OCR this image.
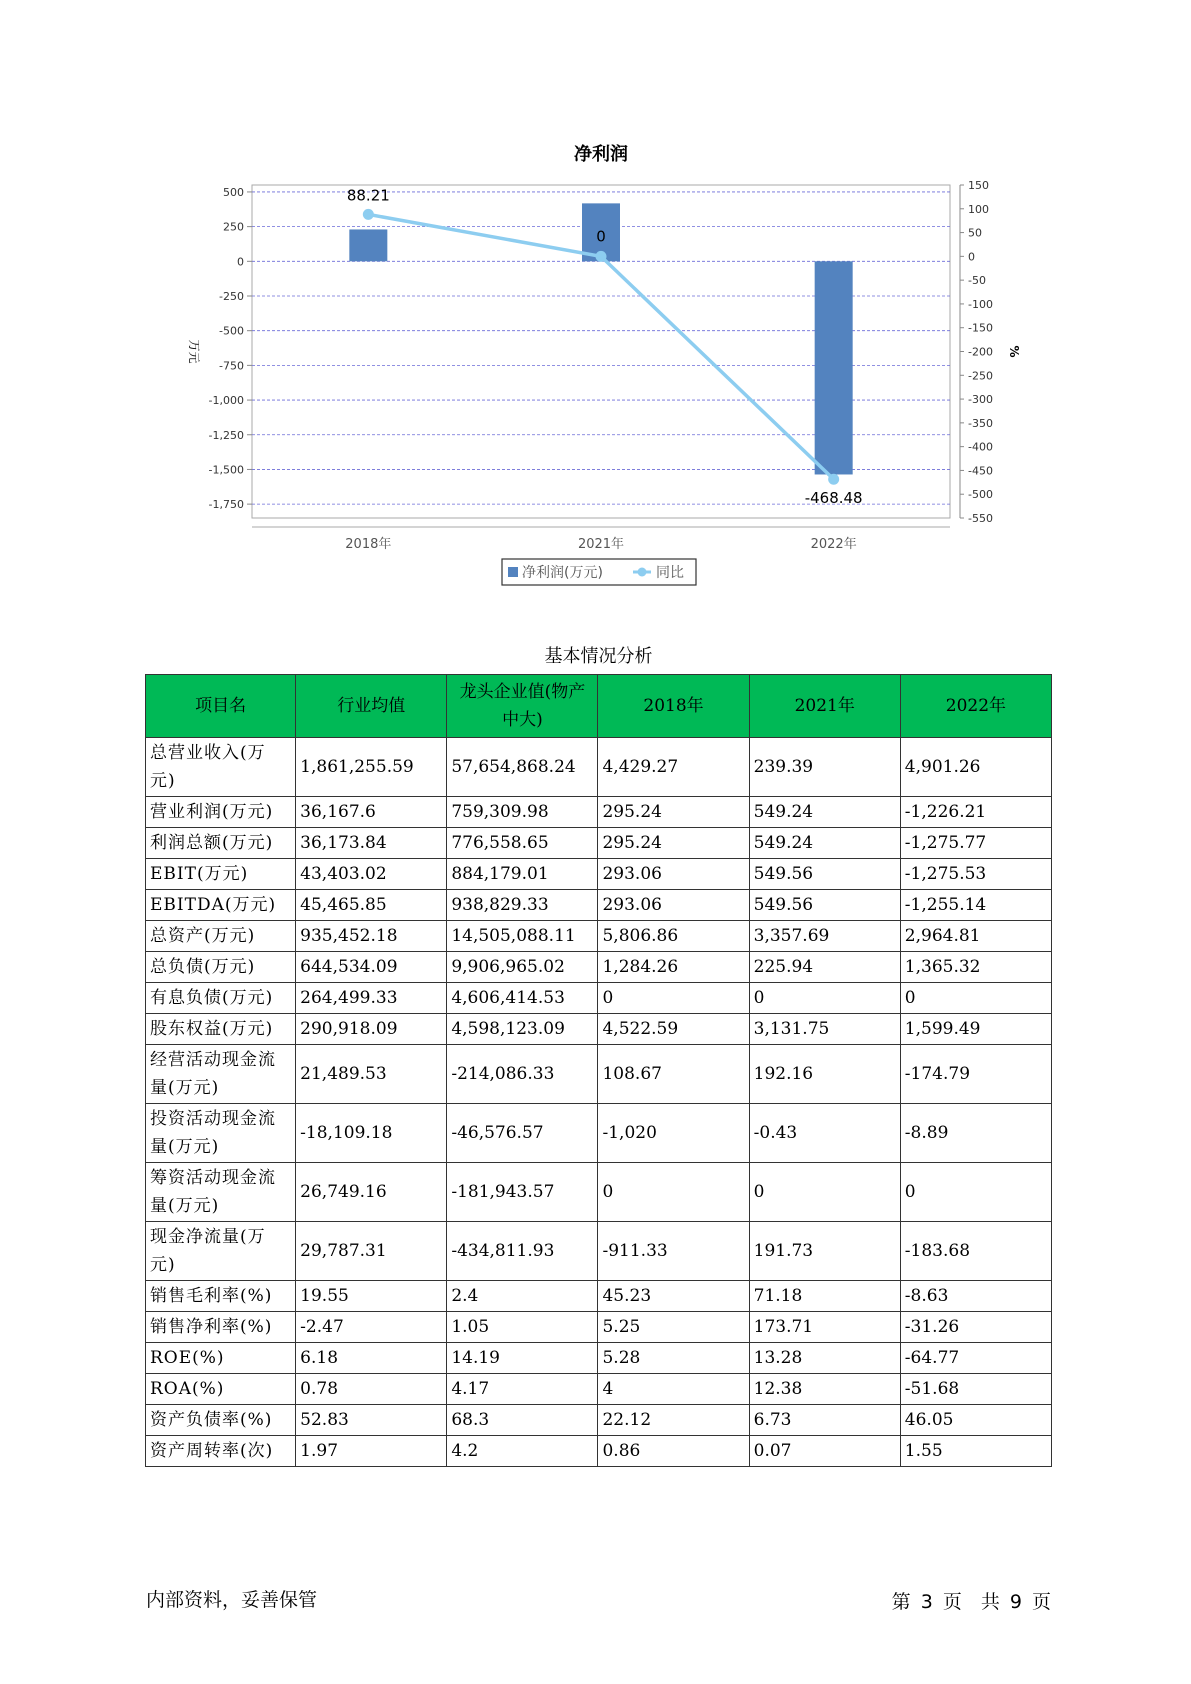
净利润
500
250
0
-250
-500
-750
-1,000
-1,250
-1,500
-1,750
150
100
50
0
-50
-100
-150
-200
-250
-300
-350
-400
-450
-500
-550
万元	%
2018年	2021年	2022年
88.21
0
-468.48
净利润(万元)	同比
基本情况分析
项目名	行业均值	龙头企业值(物产中大)	2018年	2021年	2022年
总营业收入(万元)	1,861,255.59	57,654,868.24	4,429.27	239.39	4,901.26
营业利润(万元)	36,167.6	759,309.98	295.24	549.24	-1,226.21
利润总额(万元)	36,173.84	776,558.65	295.24	549.24	-1,275.77
EBIT(万元)	43,403.02	884,179.01	293.06	549.56	-1,275.53
EBITDA(万元)	45,465.85	938,829.33	293.06	549.56	-1,255.14
总资产(万元)	935,452.18	14,505,088.11	5,806.86	3,357.69	2,964.81
总负债(万元)	644,534.09	9,906,965.02	1,284.26	225.94	1,365.32
有息负债(万元)	264,499.33	4,606,414.53	0	0	0
股东权益(万元)	290,918.09	4,598,123.09	4,522.59	3,131.75	1,599.49
经营活动现金流量(万元)	21,489.53	-214,086.33	108.67	192.16	-174.79
投资活动现金流量(万元)	-18,109.18	-46,576.57	-1,020	-0.43	-8.89
筹资活动现金流量(万元)	26,749.16	-181,943.57	0	0	0
现金净流量(万元)	29,787.31	-434,811.93	-911.33	191.73	-183.68
销售毛利率(%)	19.55	2.4	45.23	71.18	-8.63
销售净利率(%)	-2.47	1.05	5.25	173.71	-31.26
ROE(%)	6.18	14.19	5.28	13.28	-64.77
ROA(%)	0.78	4.17	4	12.38	-51.68
资产负债率(%)	52.83	68.3	22.12	6.73	46.05
资产周转率(次)	1.97	4.2	0.86	0.07	1.55
内部资料，妥善保管	第 3 页　共 9 页
